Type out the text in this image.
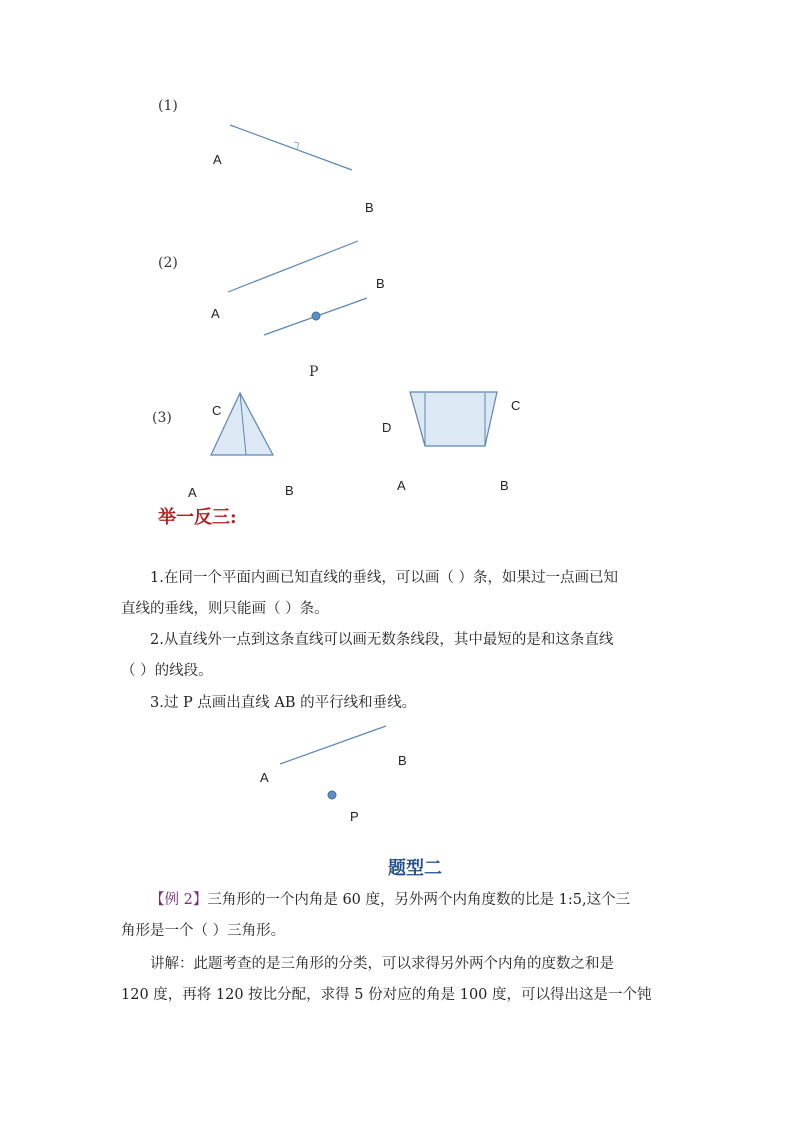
(1)
A
B
(2)
A
B
P
(3)	C
A	B
D
C
A	B
举一反三:
1.在同一个平面内画已知直线的垂线，可以画（ ）条，如果过一点画已知
直线的垂线，则只能画（ ）条。
2.从直线外一点到这条直线可以画无数条线段，其中最短的是和这条直线
（ ）的线段。
3.过 P 点画出直线 AB 的平行线和垂线。
A
B
P
题型二
【例 2】三角形的一个内角是 60 度，另外两个内角度数的比是 1:5,这个三
角形是一个（ ）三角形。
讲解：此题考查的是三角形的分类，可以求得另外两个内角的度数之和是
120 度，再将 120 按比分配，求得 5 份对应的角是 100 度，可以得出这是一个钝
